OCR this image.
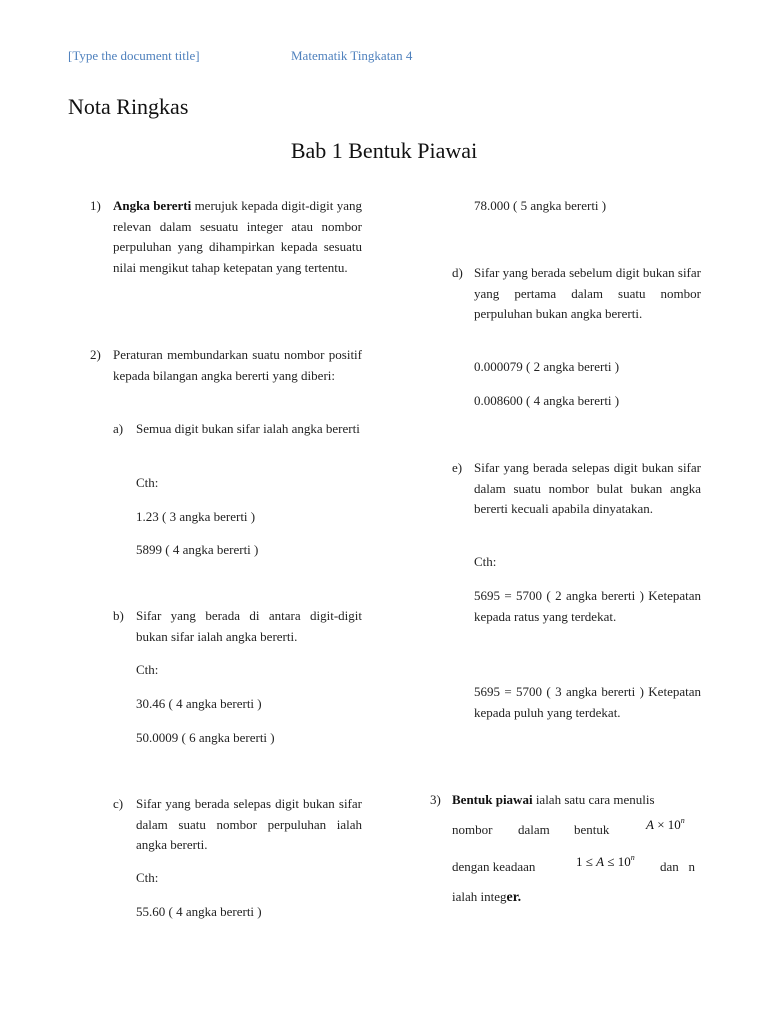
[Type the document title]	Matematik Tingkatan 4
Nota Ringkas
Bab 1 Bentuk Piawai
1) Angka bererti merujuk kepada digit-digit yang relevan dalam sesuatu integer atau nombor perpuluhan yang dihampirkan kepada sesuatu nilai mengikut tahap ketepatan yang tertentu.
2) Peraturan membundarkan suatu nombor positif kepada bilangan angka bererti yang diberi:
a) Semua digit bukan sifar ialah angka bererti
Cth:
1.23 ( 3 angka bererti )
5899 ( 4 angka bererti )
b) Sifar yang berada di antara digit-digit bukan sifar ialah angka bererti.
Cth:
30.46 ( 4 angka bererti )
50.0009 ( 6 angka bererti )
c) Sifar yang berada selepas digit bukan sifar dalam suatu nombor perpuluhan ialah angka bererti.
Cth:
55.60 ( 4 angka bererti )
78.000 ( 5 angka bererti )
d) Sifar yang berada sebelum digit bukan sifar yang pertama dalam suatu nombor perpuluhan bukan angka bererti.
0.000079 ( 2 angka bererti )
0.008600 ( 4 angka bererti )
e) Sifar yang berada selepas digit bukan sifar dalam suatu nombor bulat bukan angka bererti kecuali apabila dinyatakan.
Cth:
5695 = 5700 ( 2 angka bererti ) Ketepatan kepada ratus yang terdekat.
5695 = 5700 ( 3 angka bererti ) Ketepatan kepada puluh yang terdekat.
3) Bentuk piawai ialah satu cara menulis
nombor dalam bentuk	$A \times 10^n$
dengan keadaan	$1 \le A \le 10^n$
dan   n
ialah integer.
